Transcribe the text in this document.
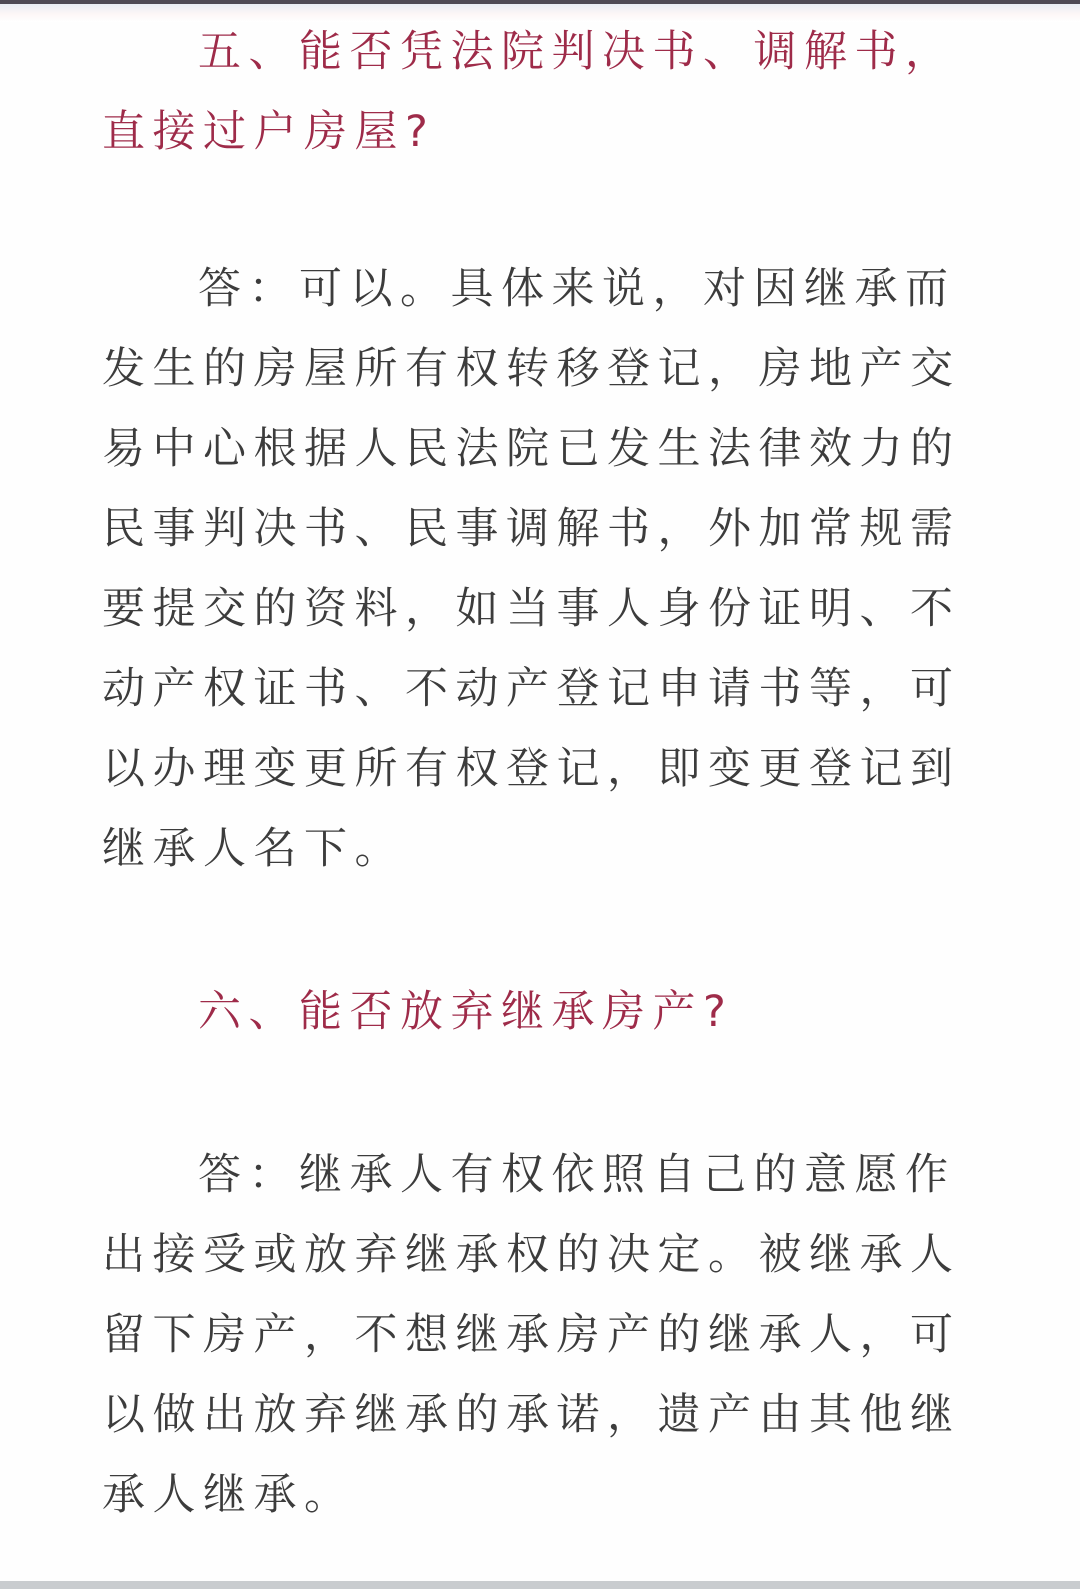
五、能否凭法院判决书、调解书，
直接过户房屋?
答：可以。具体来说，对因继承而
发生的房屋所有权转移登记，房地产交
易中心根据人民法院已发生法律效力的
民事判决书、民事调解书，外加常规需
要提交的资料，如当事人身份证明、不
动产权证书、不动产登记申请书等，可
以办理变更所有权登记，即变更登记到
继承人名下。
六、能否放弃继承房产?
答：继承人有权依照自己的意愿作
出接受或放弃继承权的决定。被继承人
留下房产，不想继承房产的继承人，可
以做出放弃继承的承诺，遗产由其他继
承人继承。
